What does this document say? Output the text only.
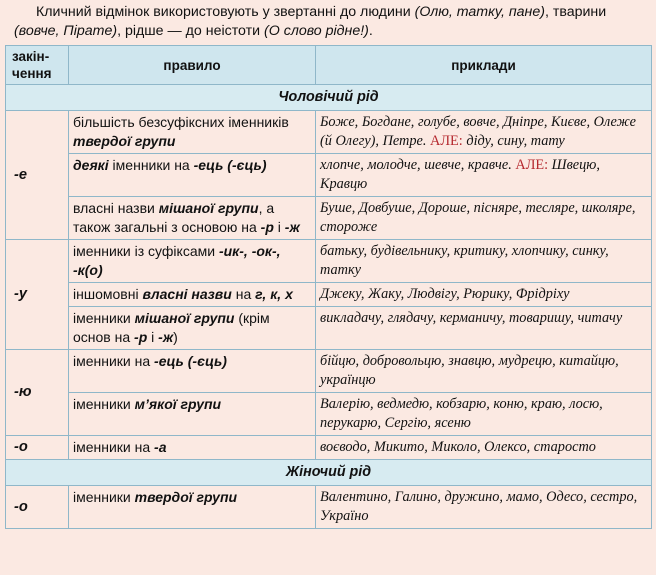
Кличний відмінок використовують у звертанні до людини (Олю, татку, пане), тварини (вовче, Пірате), рідше — до неістоти (О слово рідне!).
закін-чення	правило	приклади
Чоловічий рід		
-е	більшість безсуфіксних іменників твердої групи	Боже, Богдане, голубе, вовче, Дніпре, Києве, Олеже (й Олегу), Петре. АЛЕ: діду, сину, тату
	деякі іменники на -ець (-єць)	хлопче, молодче, шевче, кравче. АЛЕ: Швецю, Кравцю
	власні назви мішаної групи, а також загальні з основою на -р і -ж	Буше, Довбуше, Дороше, пісняре, тесляре, школяре, стороже
-у	іменники із суфіксами -ик-, -ок-, -к(о)	батьку, будівельнику, критику, хлопчику, синку, татку
	іншомовні власні назви на г, к, х	Джеку, Жаку, Людвігу, Рюрику, Фрідріху
	іменники мішаної групи (крім основ на -р і -ж)	викладачу, глядачу, керманичу, товаришу, читачу
-ю	іменники на -ець (-єць)	бійцю, добровольцю, знавцю, мудрецю, китайцю, українцю
	іменники м’якої групи	Валерію, ведмедю, кобзарю, коню, краю, лосю, перукарю, Сергію, ясеню
-о	іменники на -а	воєводо, Микито, Миколо, Олексо, старосто
Жіночий рід		
-о	іменники твердої групи	Валентино, Галино, дружино, мамо, Одесо, сестро, Україно
